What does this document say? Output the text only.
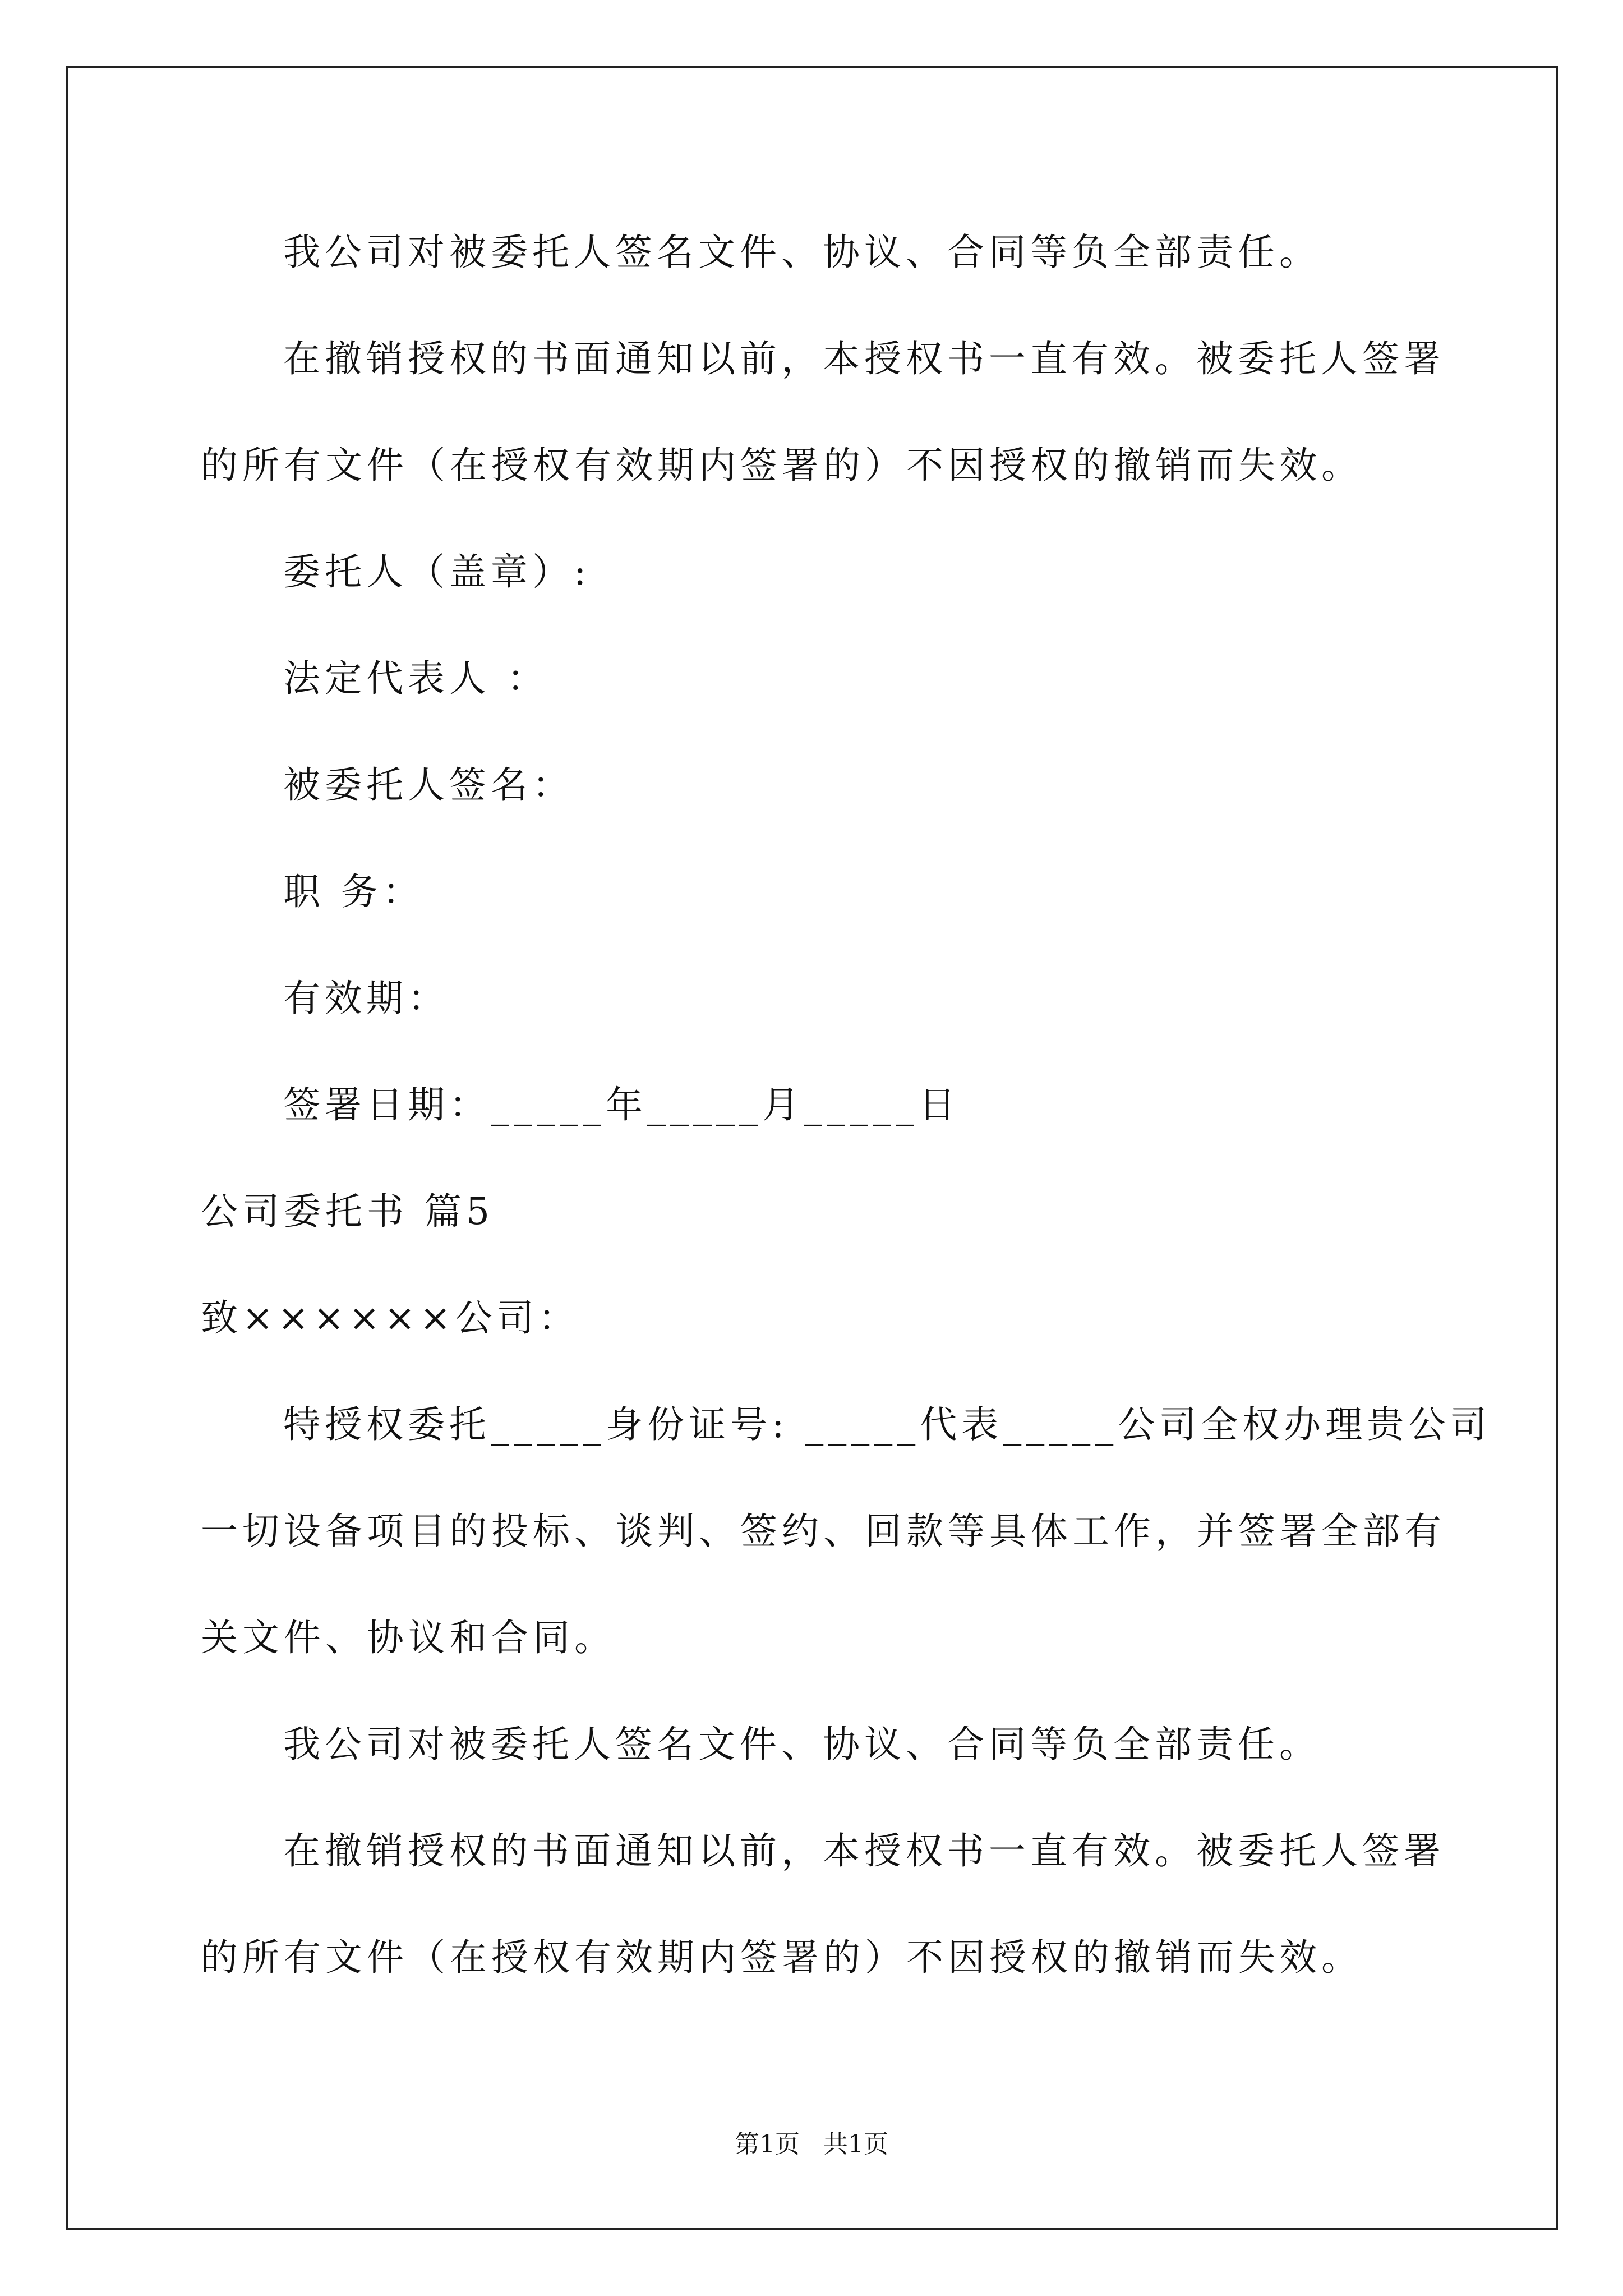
我公司对被委托人签名文件、协议、合同等负全部责任。
在撤销授权的书面通知以前，本授权书一直有效。被委托人签署
的所有文件（在授权有效期内签署的）不因授权的撤销而失效。
委托人（盖章）:
法定代表人 ：
被委托人签名：
职 务：
有效期：
签署日期：_____年_____月_____日
公司委托书 篇5
致××××××公司：
特授权委托_____身份证号: _____代表_____公司全权办理贵公司
一切设备项目的投标、谈判、签约、回款等具体工作，并签署全部有
关文件、协议和合同。
我公司对被委托人签名文件、协议、合同等负全部责任。
在撤销授权的书面通知以前，本授权书一直有效。被委托人签署
的所有文件（在授权有效期内签署的）不因授权的撤销而失效。
第1页   共1页
